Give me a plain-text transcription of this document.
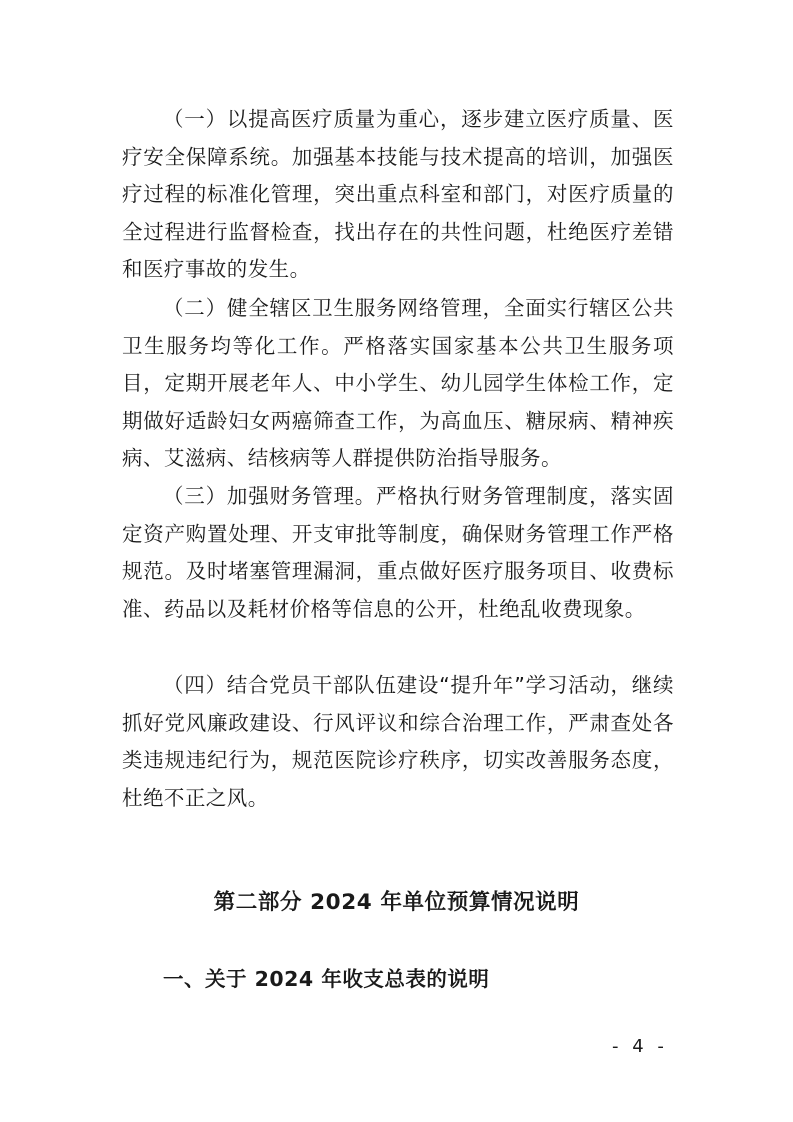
（一）以提高医疗质量为重心，逐步建立医疗质量、医疗安全保障系统。加强基本技能与技术提高的培训，加强医疗过程的标准化管理，突出重点科室和部门，对医疗质量的全过程进行监督检查，找出存在的共性问题，杜绝医疗差错和医疗事故的发生。

（二）健全辖区卫生服务网络管理，全面实行辖区公共卫生服务均等化工作。严格落实国家基本公共卫生服务项目，定期开展老年人、中小学生、幼儿园学生体检工作，定期做好适龄妇女两癌筛查工作，为高血压、糖尿病、精神疾病、艾滋病、结核病等人群提供防治指导服务。

（三）加强财务管理。严格执行财务管理制度，落实固定资产购置处理、开支审批等制度，确保财务管理工作严格规范。及时堵塞管理漏洞，重点做好医疗服务项目、收费标准、药品以及耗材价格等信息的公开，杜绝乱收费现象。

（四）结合党员干部队伍建设“提升年”学习活动，继续抓好党风廉政建设、行风评议和综合治理工作，严肃查处各类违规违纪行为，规范医院诊疗秩序，切实改善服务态度，杜绝不正之风。

第二部分 2024 年单位预算情况说明
一、关于 2024 年收支总表的说明
- 4 -
